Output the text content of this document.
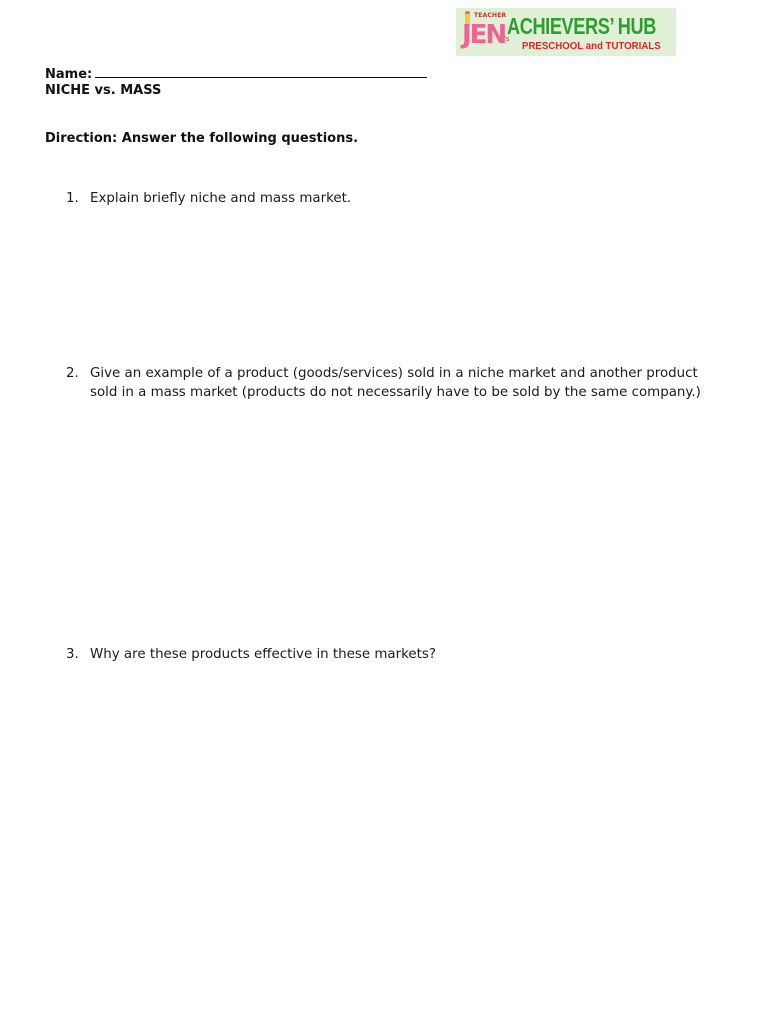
TEACHER
JEN
's
ACHIEVERS’ HUB
PRESCHOOL and TUTORIALS
Name:
NICHE vs. MASS
Direction: Answer the following questions.
1. Explain briefly niche and mass market.
2. Give an example of a product (goods/services) sold in a niche market and another product sold in a mass market (products do not necessarily have to be sold by the same company.)
3. Why are these products effective in these markets?
